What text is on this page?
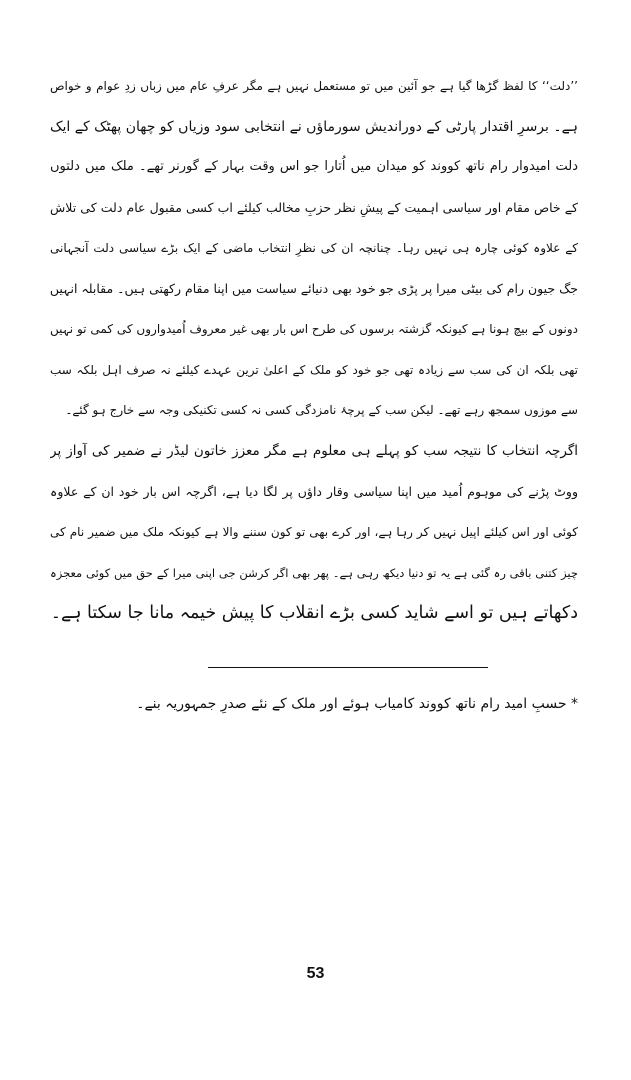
’’دلت‘‘ کا لفظ گڑھا گیا ہے جو آئین میں تو مستعمل نہیں ہے مگر عرفِ عام میں زباں زدِ عوام و خواص
ہے۔ برسرِ اقتدار پارٹی کے دوراندیش سورماؤں نے انتخابی سود وزیاں کو چھان پھٹک کے ایک
دلت امیدوار رام ناتھ کووند کو میدان میں اُتارا جو اس وقت بہار کے گورنر تھے۔ ملک میں دلتوں
کے خاص مقام اور سیاسی اہمیت کے پیشِ نظر حزبِ مخالب کیلئے اب کسی مقبول عام دلت کی تلاش
کے علاوہ کوئی چارہ ہی نہیں رہا۔ چنانچہ ان کی نظرِ انتخاب ماضی کے ایک بڑے سیاسی دلت آنجہانی
جگ جیون رام کی بیٹی میرا پر پڑی جو خود بھی دنیائے سیاست میں اپنا مقام رکھتی ہیں۔ مقابلہ انہیں
دونوں کے بیچ ہونا ہے کیونکہ گزشتہ برسوں کی طرح اس بار بھی غیر معروف اُمیدواروں کی کمی تو نہیں
تھی بلکہ ان کی سب سے زیادہ تھی جو خود کو ملک کے اعلیٰ ترین عہدے کیلئے نہ صرف اہل بلکہ سب
سے موزوں سمجھ رہے تھے۔ لیکن سب کے پرچۂ نامزدگی کسی نہ کسی تکنیکی وجہ سے خارج ہو گئے۔
اگرچہ انتخاب کا نتیجہ سب کو پہلے ہی معلوم ہے مگر معزز خاتون لیڈر نے ضمیر کی آواز پر
ووٹ پڑنے کی موہوم اُمید میں اپنا سیاسی وقار داؤں پر لگا دیا ہے، اگرچہ اس بار خود ان کے علاوہ
کوئی اور اس کیلئے اپیل نہیں کر رہا ہے، اور کرے بھی تو کون سننے والا ہے کیونکہ ملک میں ضمیر نام کی
چیز کتنی باقی رہ گئی ہے یہ تو دنیا دیکھ رہی ہے۔ پھر بھی اگر کرشن جی اپنی میرا کے حق میں کوئی معجزہ
دکھاتے ہیں تو اسے شاید کسی بڑے انقلاب کا پیش خیمہ مانا جا سکتا ہے۔
* حسبِ امید رام ناتھ کووند کامیاب ہوئے اور ملک کے نئے صدرِ جمہوریہ بنے۔
53
